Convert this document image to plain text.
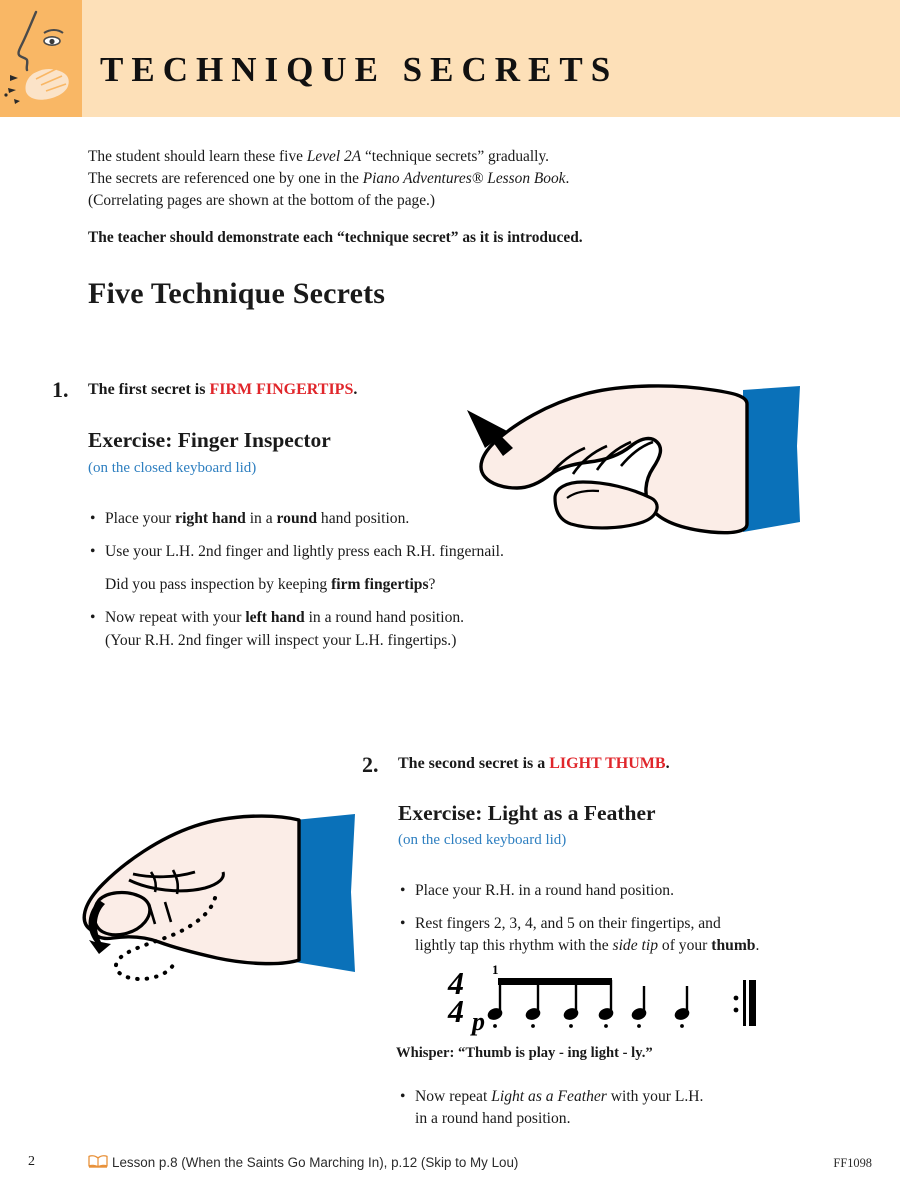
TECHNIQUE SECRETS

The student should learn these five Level 2A “technique secrets” gradually.
The secrets are referenced one by one in the Piano Adventures® Lesson Book.
(Correlating pages are shown at the bottom of the page.)

The teacher should demonstrate each “technique secret” as it is introduced.

Five Technique Secrets
1. The first secret is FIRM FINGERTIPS.
Exercise: Finger Inspector
(on the closed keyboard lid)
• Place your right hand in a round hand position.
• Use your L.H. 2nd finger and lightly press each R.H. fingernail.
Did you pass inspection by keeping firm fingertips?
• Now repeat with your left hand in a round hand position.
(Your R.H. 2nd finger will inspect your L.H. fingertips.)
2. The second secret is a LIGHT THUMB.
Exercise: Light as a Feather
(on the closed keyboard lid)
• Place your R.H. in a round hand position.
• Rest fingers 2, 3, 4, and 5 on their fingertips, and
lightly tap this rhythm with the side tip of your thumb.
• Now repeat Light as a Feather with your L.H.
in a round hand position.
4
4 p
1
Whisper: “Thumb is play - ing light - ly.”
2	Lesson p.8 (When the Saints Go Marching In), p.12 (Skip to My Lou)	FF1098
